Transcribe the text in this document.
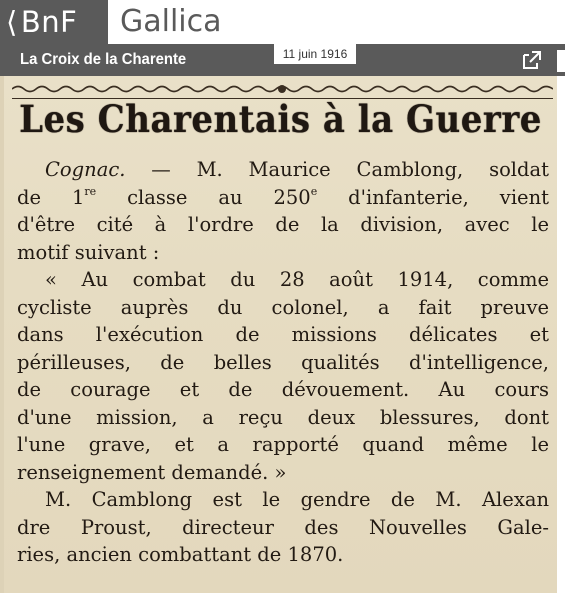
⟨ BnF	Gallica
La Croix de la Charente	11 juin 1916
Les Charentais à la Guerre
Cognac. — M. Maurice Camblong, soldat
de 1re classe au 250e d'infanterie, vient
d'être cité à l'ordre de la division, avec le
motif suivant :
« Au combat du 28 août 1914, comme
cycliste auprès du colonel, a fait preuve
dans l'exécution de missions délicates et
périlleuses, de belles qualités d'intelligence,
de courage et de dévouement. Au cours
d'une mission, a reçu deux blessures, dont
l'une grave, et a rapporté quand même le
renseignement demandé. »
M. Camblong est le gendre de M. Alexan
dre Proust, directeur des Nouvelles Gale-
ries, ancien combattant de 1870.
